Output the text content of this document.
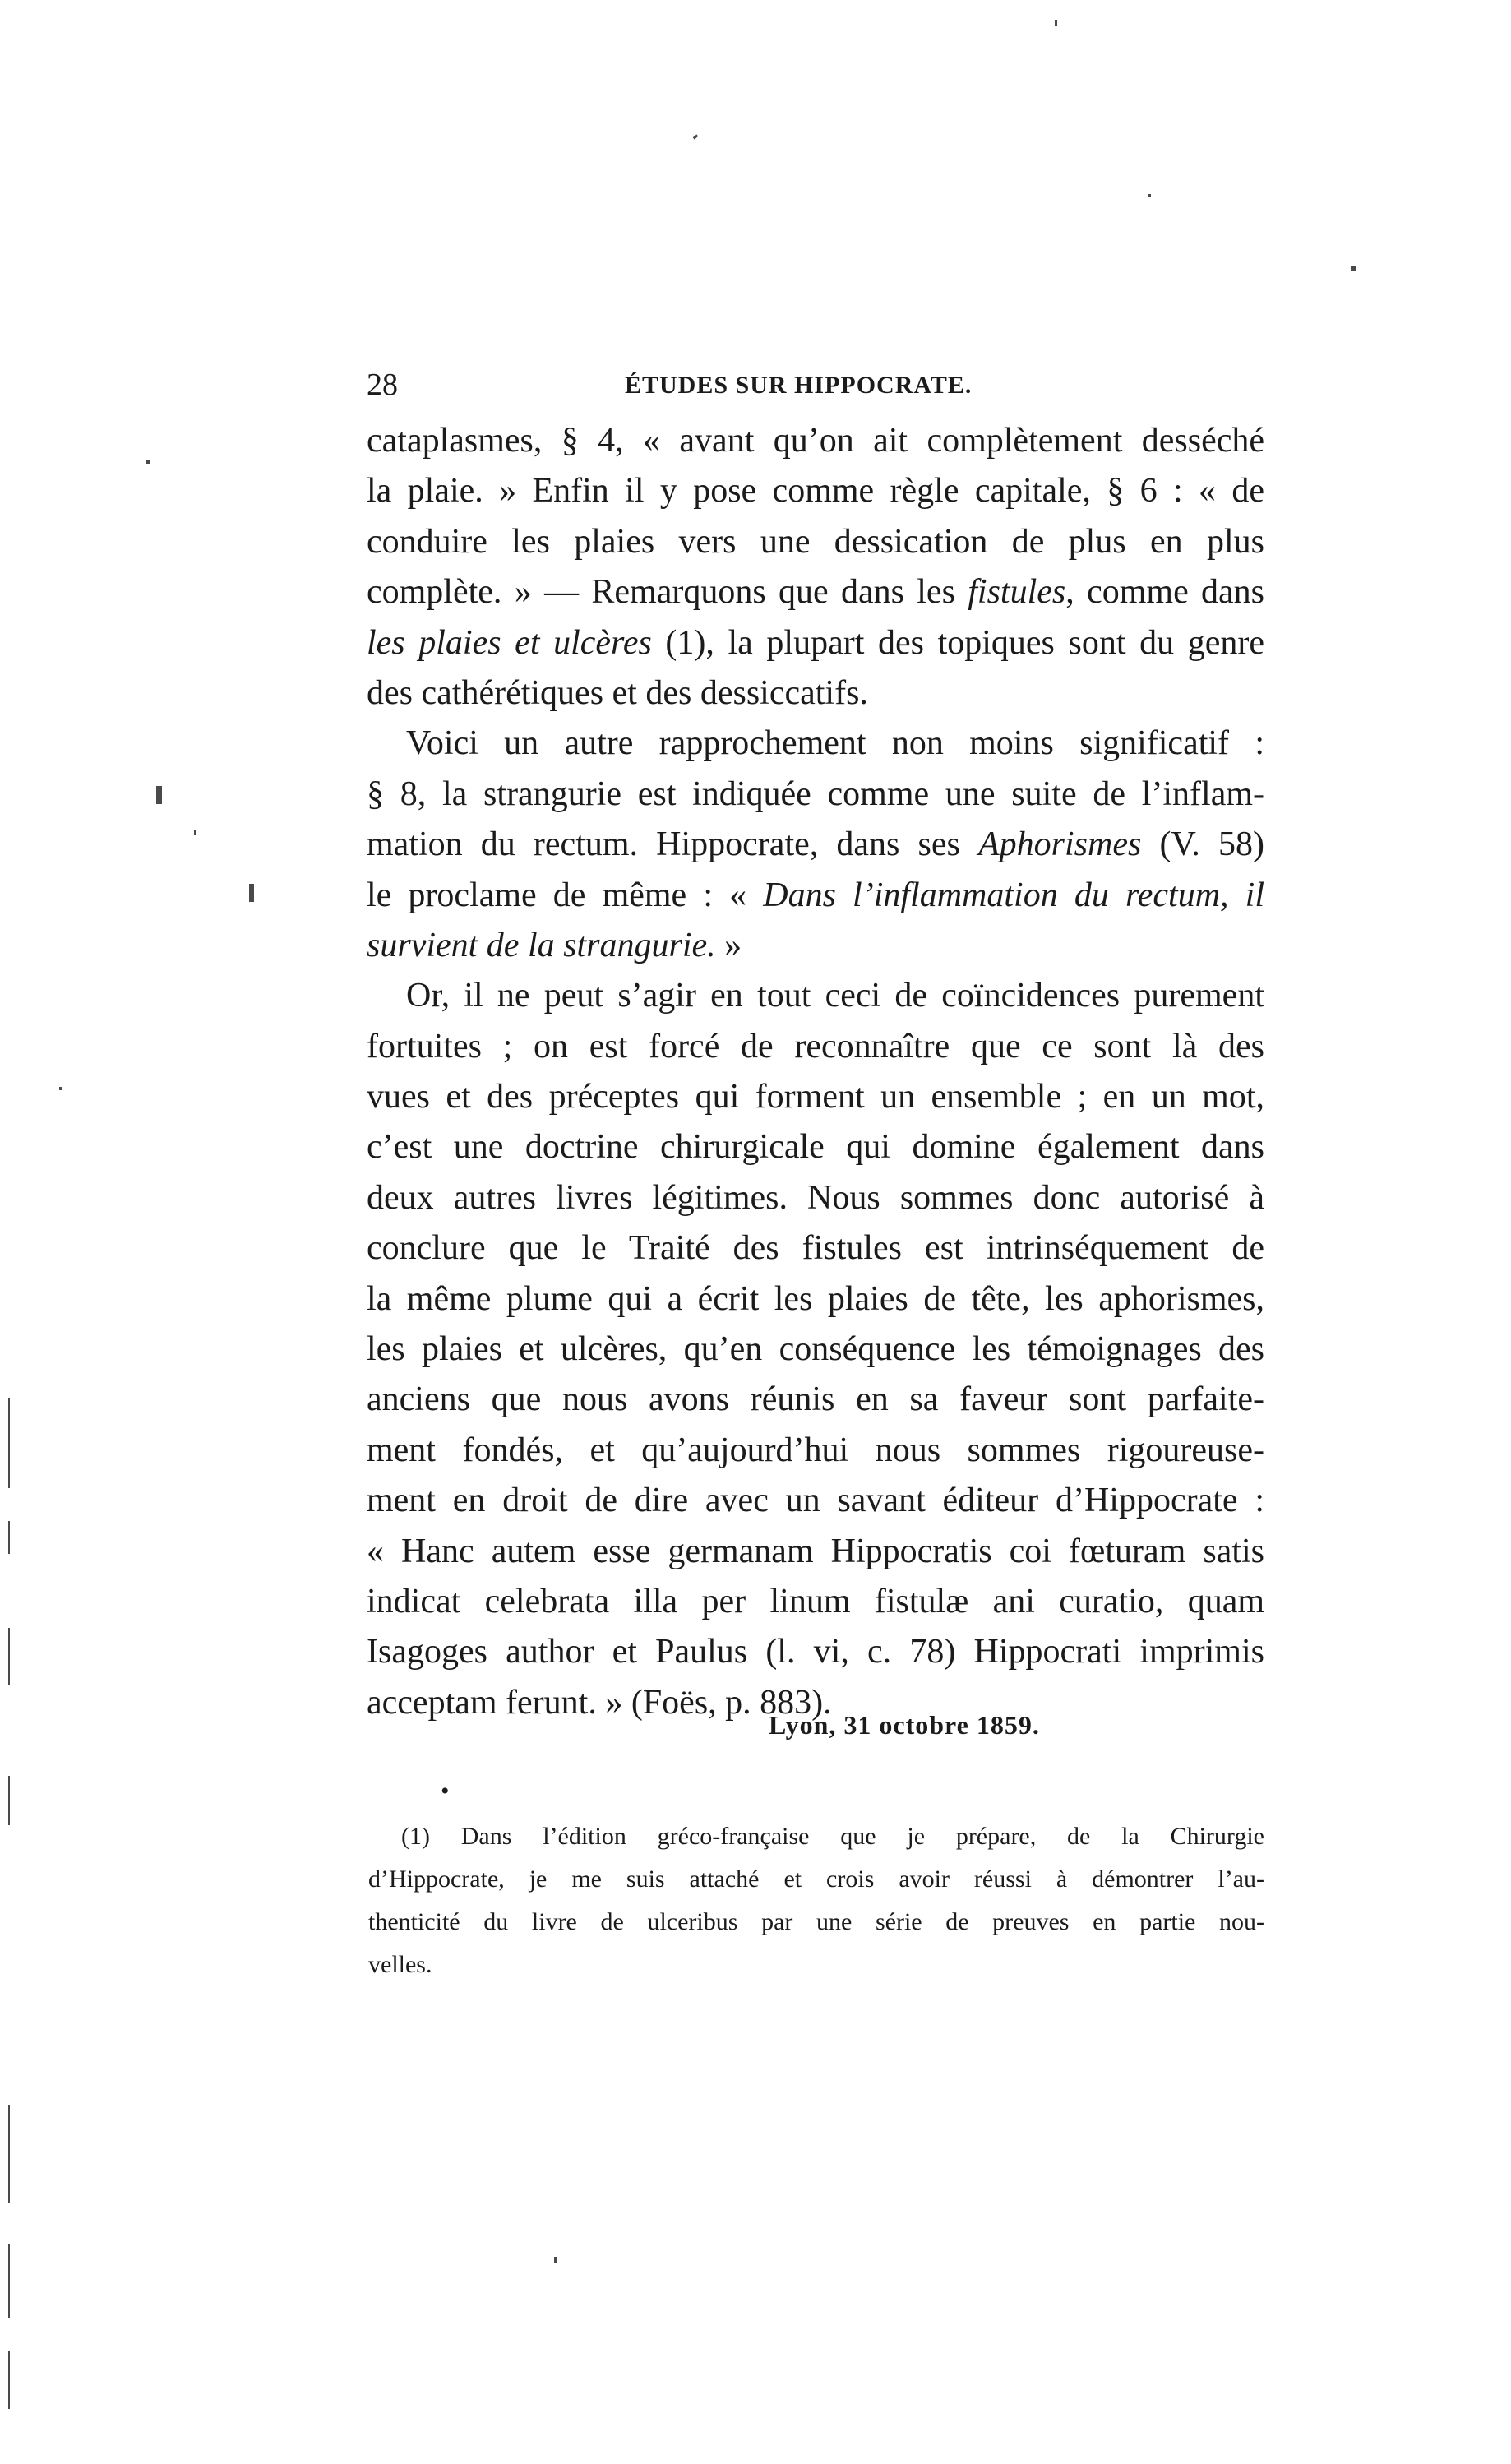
28	ÉTUDES SUR HIPPOCRATE.
cataplasmes, § 4, « avant qu’on ait complètement desséché
la plaie. » Enfin il y pose comme règle capitale, § 6 : « de
conduire les plaies vers une dessication de plus en plus
complète. » — Remarquons que dans les fistules, comme dans
les plaies et ulcères (1), la plupart des topiques sont du genre
des cathérétiques et des dessiccatifs.
Voici un autre rapprochement non moins significatif :
§ 8, la strangurie est indiquée comme une suite de l’inflam-
mation du rectum. Hippocrate, dans ses Aphorismes (V. 58)
le proclame de même : « Dans l’inflammation du rectum, il
survient de la strangurie. »
Or, il ne peut s’agir en tout ceci de coïncidences purement
fortuites ; on est forcé de reconnaître que ce sont là des
vues et des préceptes qui forment un ensemble ; en un mot,
c’est une doctrine chirurgicale qui domine également dans
deux autres livres légitimes. Nous sommes donc autorisé à
conclure que le Traité des fistules est intrinséquement de
la même plume qui a écrit les plaies de tête, les aphorismes,
les plaies et ulcères, qu’en conséquence les témoignages des
anciens que nous avons réunis en sa faveur sont parfaite-
ment fondés, et qu’aujourd’hui nous sommes rigoureuse-
ment en droit de dire avec un savant éditeur d’Hippocrate :
« Hanc autem esse germanam Hippocratis coi fœturam satis
indicat celebrata illa per linum fistulæ ani curatio, quam
Isagoges author et Paulus (l. vi, c. 78) Hippocrati imprimis
acceptam ferunt. » (Foës, p. 883).
Lyon, 31 octobre 1859.
•
(1) Dans l’édition gréco-française que je prépare, de la Chirurgie
d’Hippocrate, je me suis attaché et crois avoir réussi à démontrer l’au-
thenticité du livre de ulceribus par une série de preuves en partie nou-
velles.
